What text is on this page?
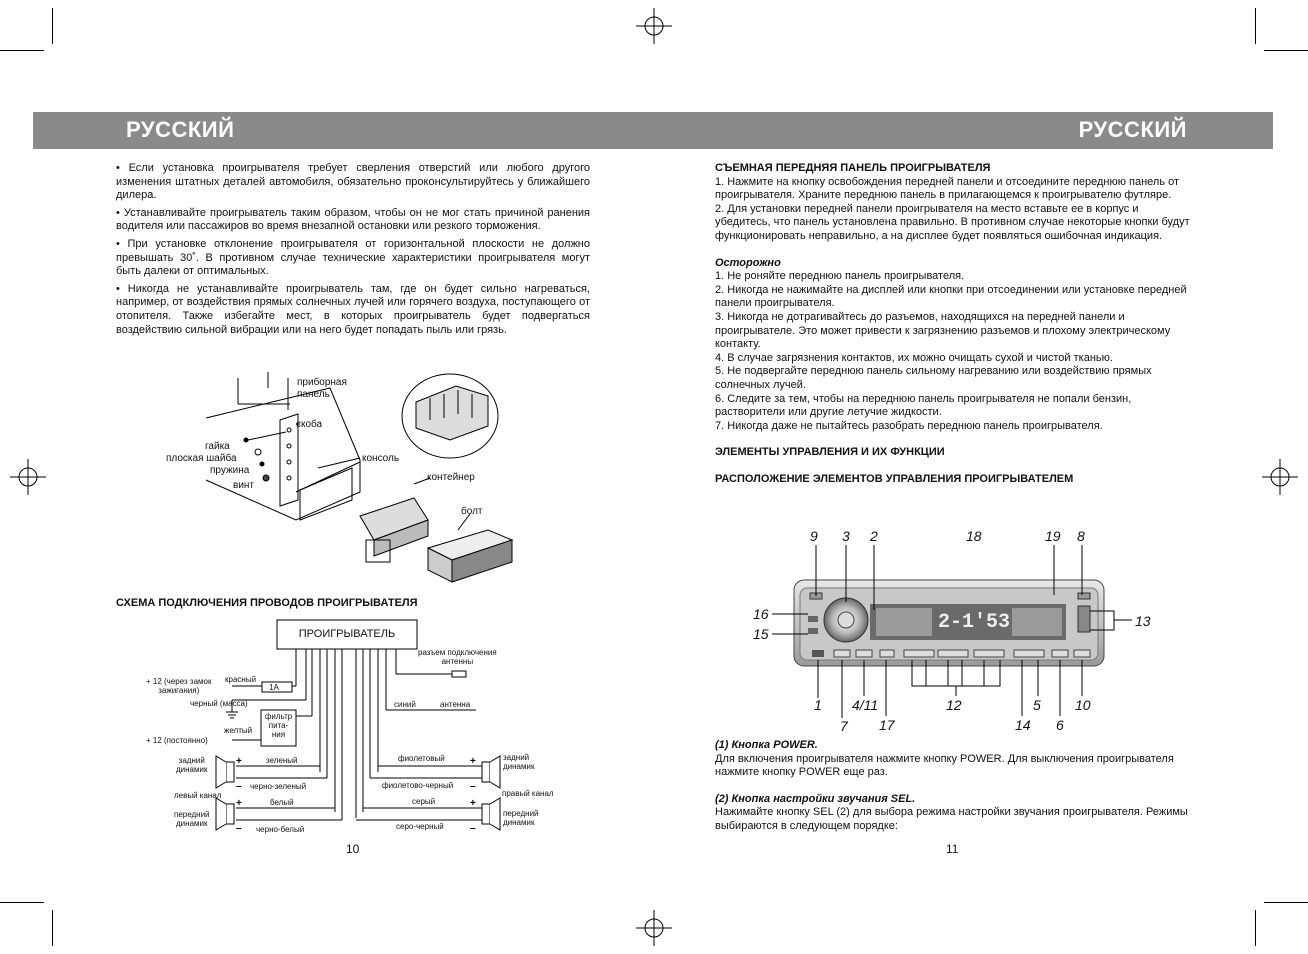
РУССКИЙ	РУССКИЙ

• Если установка проигрывателя требует сверления отверстий или любого другого изменения штатных деталей автомобиля, обязательно проконсультируйтесь у ближайшего дилера.

• Устанавливайте проигрыватель таким образом, чтобы он не мог стать причиной ранения водителя или пассажиров во время внезапной остановки или резкого торможения.

• При установке отклонение проигрывателя от горизонтальной плоскости не должно превышать 30˚. В противном случае технические характеристики проигрывателя могут быть далеки от оптимальных.

• Никогда не устанавливайте проигрыватель там, где он будет сильно нагреваться, например, от воздействия прямых солнечных лучей или горячего воздуха, поступающего от отопителя. Также избегайте мест, в которых проигрыватель будет подвергаться воздействию сильной вибрации или на него будет попадать пыль или грязь.

приборная
панель
скоба
гайка
плоская шайба
пружина
винт
консоль
контейнер
болт
СХЕМА ПОДКЛЮЧЕНИЯ ПРОВОДОВ ПРОИГРЫВАТЕЛЯ
+
–
+
–
+
–
+
–
ПРОИГРЫВАТЕЛЬ
разъем подключения
антенны
+ 12 (через замок
зажигания)
красный
1A
черный (масса)
фильтр
пита-
ния
желтый
+ 12 (постоянно)
синий	антенна
задний
динамик
зеленый
черно-зеленый
левый канал
белый
передний
динамик
черно-белый
фиолетовый
фиолетово-черный
задний
динамик
правый канал
серый
передний
динамик
серо-черный
10

СЪЕМНАЯ ПЕРЕДНЯЯ ПАНЕЛЬ ПРОИГРЫВАТЕЛЯ

1. Нажмите на кнопку освобождения передней панели и отсоедините переднюю панель от проигрывателя. Храните переднюю панель в прилагающемся к проигрывателю футляре.

2. Для установки передней панели проигрывателя на место вставьте ее в корпус и убедитесь, что панель установлена правильно. В противном случае некоторые кнопки будут функционировать неправильно, а на дисплее будет появляться ошибочная индикация.

Осторожно

1. Не роняйте переднюю панель проигрывателя.

2. Никогда не нажимайте на дисплей или кнопки при отсоединении или установке передней панели проигрывателя.

3. Никогда не дотрагивайтесь до разъемов, находящихся на передней панели и проигрывателе. Это может привести к загрязнению разъемов и плохому электрическому контакту.

4. В случае загрязнения контактов, их можно очищать сухой и чистой тканью.

5. Не подвергайте переднюю панель сильному нагреванию или воздействию прямых солнечных лучей.

6. Следите за тем, чтобы на переднюю панель проигрывателя не попали бензин, растворители или другие летучие жидкости.

7. Никогда даже не пытайтесь разобрать переднюю панель проигрывателя.

ЭЛЕМЕНТЫ УПРАВЛЕНИЯ И ИХ ФУНКЦИИ

РАСПОЛОЖЕНИЕ ЭЛЕМЕНТОВ УПРАВЛЕНИЯ ПРОИГРЫВАТЕЛЕМ

2-1'53
9 3 2	18	19 8
16
15
13
1
7
4/11
17
12
14
5
6
10

(1) Кнопка POWER.

Для включения проигрывателя нажмите кнопку POWER. Для выключения проигрывателя нажмите кнопку POWER еще раз.

(2) Кнопка настройки звучания SEL.

Нажимайте кнопку SEL (2) для выбора режима настройки звучания проигрывателя. Режимы выбираются в следующем порядке:

11
